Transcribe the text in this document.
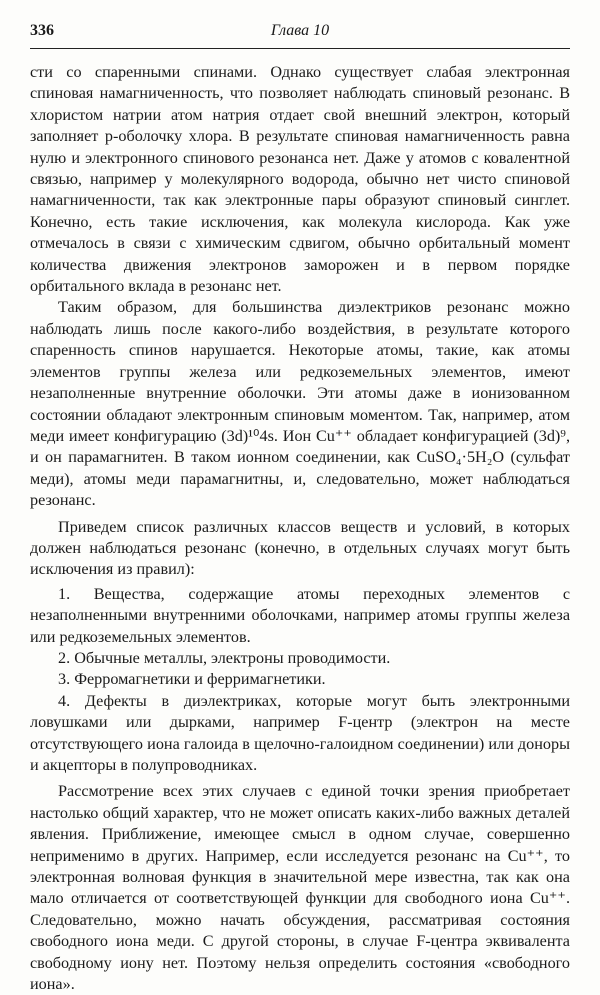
336	Глава 10

сти со спаренными спинами. Однако существует слабая электронная спиновая намагниченность, что позволяет наблюдать спиновый резонанс. В хлористом натрии атом натрия отдает свой внешний электрон, который заполняет p-оболочку хлора. В результате спиновая намагниченность равна нулю и электронного спинового резонанса нет. Даже у атомов с ковалентной связью, например у молекулярного водорода, обычно нет чисто спиновой намагниченности, так как электронные пары образуют спиновый синглет. Конечно, есть такие исключения, как молекула кислорода. Как уже отмечалось в связи с химическим сдвигом, обычно орбитальный момент количества движения электронов заморожен и в первом порядке орбитального вклада в резонанс нет.

Таким образом, для большинства диэлектриков резонанс можно наблюдать лишь после какого-либо воздействия, в результате которого спаренность спинов нарушается. Некоторые атомы, такие, как атомы элементов группы железа или редкоземельных элементов, имеют незаполненные внутренние оболочки. Эти атомы даже в ионизованном состоянии обладают электронным спиновым моментом. Так, например, атом меди имеет конфигурацию (3d)¹⁰4s. Ион Cu⁺⁺ обладает конфигурацией (3d)⁹, и он парамагнитен. В таком ионном соединении, как CuSO₄·5H₂O (сульфат меди), атомы меди парамагнитны, и, следовательно, может наблюдаться резонанс.

Приведем список различных классов веществ и условий, в которых должен наблюдаться резонанс (конечно, в отдельных случаях могут быть исключения из правил):

1. Вещества, содержащие атомы переходных элементов с незаполненными внутренними оболочками, например атомы группы железа или редкоземельных элементов.
2. Обычные металлы, электроны проводимости.
3. Ферромагнетики и ферримагнетики.
4. Дефекты в диэлектриках, которые могут быть электронными ловушками или дырками, например F-центр (электрон на месте отсутствующего иона галоида в щелочно-галоидном соединении) или доноры и акцепторы в полупроводниках.

Рассмотрение всех этих случаев с единой точки зрения приобретает настолько общий характер, что не может описать каких-либо важных деталей явления. Приближение, имеющее смысл в одном случае, совершенно неприменимо в других. Например, если исследуется резонанс на Cu⁺⁺, то электронная волновая функция в значительной мере известна, так как она мало отличается от соответствующей функции для свободного иона Cu⁺⁺. Следовательно, можно начать обсуждения, рассматривая состояния свободного иона меди. С другой стороны, в случае F-центра эквивалента свободному иону нет. Поэтому нельзя определить состояния «свободного иона».
